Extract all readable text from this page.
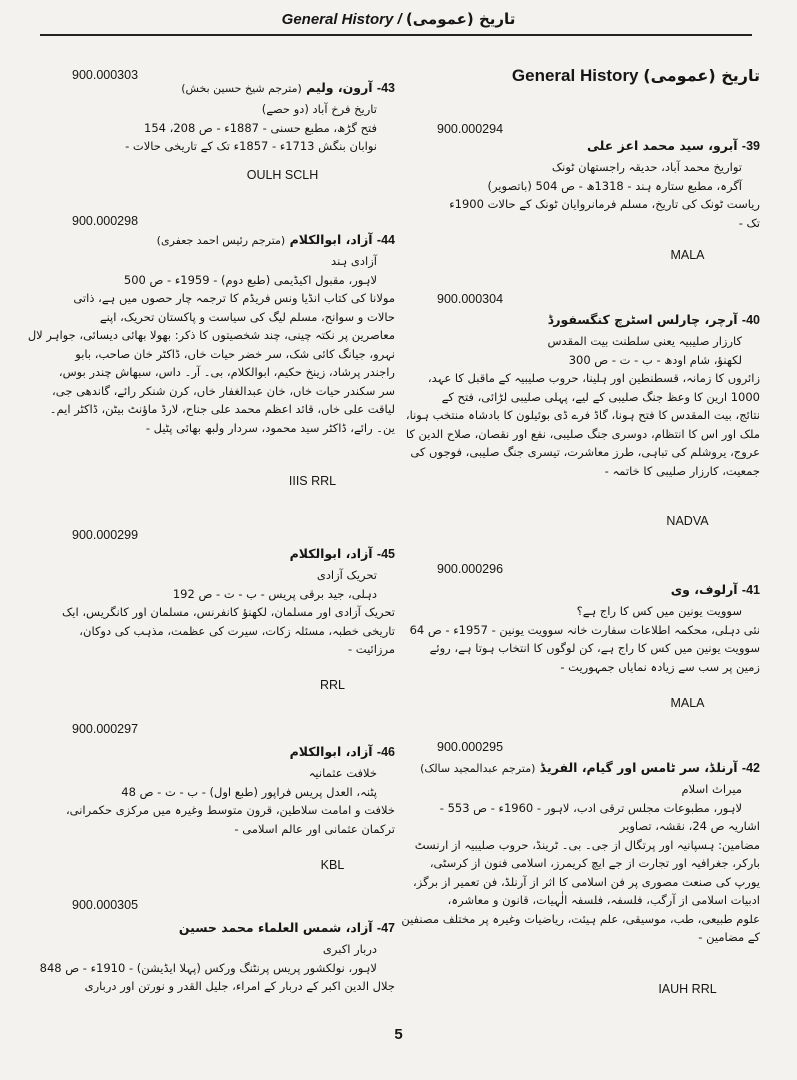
General History / تاریخ (عمومی)
900.000303
43- آرون، ولیم (مترجم شیخ حسین بخش)
تاریخ فرخ آباد (دو حصے)
فتح گڑھ، مطبع حسنی - 1887ء - ص 208، 154
نوابان بنگش 1713ء - 1857ء تک کے تاریخی حالات -
OULH SCLH
900.000298
44- آزاد، ابوالکلام (مترجم رئیس احمد جعفری)
آزادی ہند
لاہور، مقبول اکیڈیمی (طبع دوم) - 1959ء - ص 500
مولانا کی کتاب انڈیا ونس فریڈم کا ترجمہ چار حصوں میں ہے، ذاتی
حالات و سوانح، مسلم لیگ کی سیاست و پاکستان تحریک، اپنے
معاصرین پر نکتہ چینی، چند شخصیتوں کا ذکر: بھولا بھائی دیسائی، جواہر لال
نہرو، جیانگ کائی شک، سر خضر حیات خاں، ڈاکٹر خان صاحب، بابو
راجندر پرشاد، زینخ حکیم، ابوالکلام، بی۔ آر۔ داس، سبھاش چندر بوس،
سر سکندر حیات خاں، خان عبدالغفار خاں، کرن شنکر رائے، گاندھی جی،
لیاقت علی خاں، قائد اعظم محمد علی جناح، لارڈ ماؤنٹ بیٹن، ڈاکٹر ایم۔
ین۔ رائے، ڈاکٹر سید محمود، سردار ولبھ بھائی پٹیل -
IIIS RRL
900.000299
45- آزاد، ابوالکلام
تحریک آزادی
دہلی، جید برقی پریس - ب - ت - ص 192
تحریک آزادی اور مسلمان، لکھنؤ کانفرنس، مسلمان اور کانگریس، ایک
تاریخی خطبہ، مسئلہ زکات، سیرت کی عظمت، مذہب کی دوکان،
مرزائیت -
RRL
900.000297
46- آزاد، ابوالکلام
خلافت عثمانیہ
پٹنہ، العدل پریس فراپور (طبع اول) - ب - ت - ص 48
خلافت و امامت سلاطین، قرون متوسط وغیرہ میں مرکزی حکمرانی،
ترکمان عثمانی اور عالم اسلامی -
KBL
900.000305
47- آزاد، شمس العلماء محمد حسین
دربار اکبری
لاہور، نولکشور پریس پرنٹنگ ورکس (پہلا ایڈیشن) - 1910ء - ص 848
جلال الدین اکبر کے دربار کے امراء، جلیل القدر و نورتن اور درباری
General History تاریخ (عمومی)
900.000294
39- آبرو، سید محمد اعز علی
تواریخ محمد آباد، حدیقہ راجستھان ٹونک
آگرہ، مطبع ستارہ ہند - 1318ھ - ص 504 (باتصویر)
ریاست ٹونک کی تاریخ، مسلم فرمانروایان ٹونک کے حالات 1900ء
تک -
MALA
900.000304
40- آرچر، چارلس اسٹرچ کنگسفورڈ
کارزار صلیبیہ یعنی سلطنت بیت المقدس
لکھنؤ، شام اودھ - ب - ت - ص 300
زائروں کا زمانہ، قسطنطین اور ہلینا، حروب صلیبیہ کے ماقبل کا عہد،
1000 ارین کا وعظ جنگ صلیبی کے لیے، پہلی صلیبی لڑائی، فتح کے
نتائج، بیت المقدس کا فتح ہونا، گاڈ فرے ڈی بوئیلون کا بادشاہ منتخب ہونا،
ملک اور اس کا انتظام، دوسری جنگ صلیبی، نفع اور نقصان، صلاح الدین کا
عروج، یروشلم کی تباہی، طرز معاشرت، تیسری جنگ صلیبی، فوجوں کی
جمعیت، کارزار صلیبی کا خاتمہ -
NADVA
900.000296
41- آرلوف، وی
سوویت یونین میں کس کا راج ہے؟
نئی دہلی، محکمہ اطلاعات سفارت خانہ سوویت یونین - 1957ء - ص 64
سوویت یونین میں کس کا راج ہے، کن لوگوں کا انتخاب ہوتا ہے، روئے
زمین پر سب سے زیادہ نمایاں جمہوریت -
MALA
900.000295
42- آرنلڈ، سر ٹامس اور گیام، الفریڈ (مترجم عبدالمجید سالک)
میراث اسلام
لاہور، مطبوعات مجلس ترقی ادب، لاہور - 1960ء - ص 553 -
اشاریہ ص 24، نقشہ، تصاویر
مضامین: ہسپانیہ اور پرتگال از جی۔ بی۔ ٹرینڈ، حروب صلیبیہ از ارنسٹ
بارکر، جغرافیہ اور تجارت از جے ایچ کریمرز، اسلامی فنون از کرسٹی،
یورپ کی صنعت مصوری پر فن اسلامی کا اثر از آرنلڈ، فن تعمیر از برگز،
ادبیات اسلامی از آرگب، فلسفہ، فلسفہ الٰہیات، قانون و معاشرہ،
علوم طبیعی، طب، موسیقی، علم ہیئت، ریاضیات وغیرہ پر مختلف مصنفین
کے مضامین -
IAUH RRL
5
